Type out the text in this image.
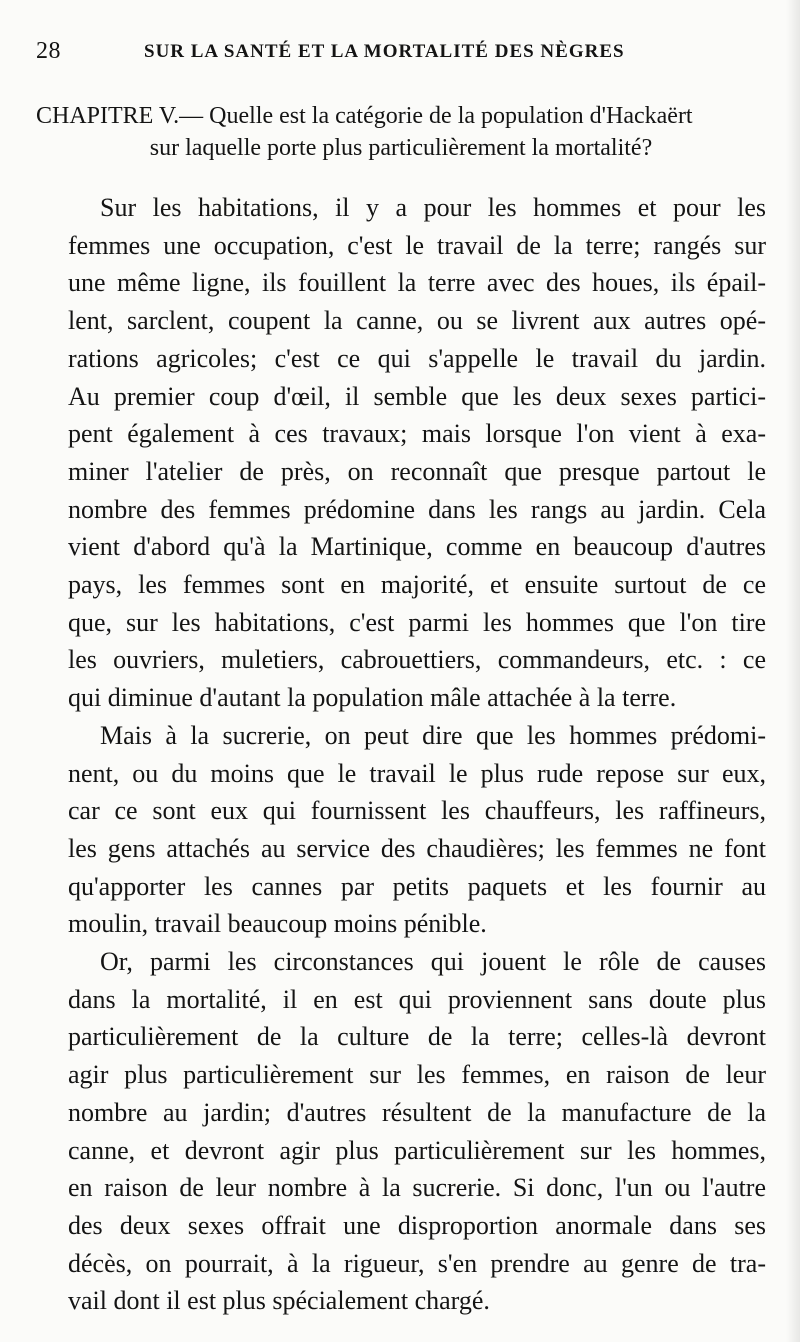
28	SUR LA SANTÉ ET LA MORTALITÉ DES NÈGRES
CHAPITRE V.— Quelle est la catégorie de la population d'Hackaërt
sur laquelle porte plus particulièrement la mortalité?
Sur les habitations, il y a pour les hommes et pour les
femmes une occupation, c'est le travail de la terre; rangés sur
une même ligne, ils fouillent la terre avec des houes, ils épail-
lent, sarclent, coupent la canne, ou se livrent aux autres opé-
rations agricoles; c'est ce qui s'appelle le travail du jardin.
Au premier coup d'œil, il semble que les deux sexes partici-
pent également à ces travaux; mais lorsque l'on vient à exa-
miner l'atelier de près, on reconnaît que presque partout le
nombre des femmes prédomine dans les rangs au jardin. Cela
vient d'abord qu'à la Martinique, comme en beaucoup d'autres
pays, les femmes sont en majorité, et ensuite surtout de ce
que, sur les habitations, c'est parmi les hommes que l'on tire
les ouvriers, muletiers, cabrouettiers, commandeurs, etc. : ce
qui diminue d'autant la population mâle attachée à la terre.
Mais à la sucrerie, on peut dire que les hommes prédomi-
nent, ou du moins que le travail le plus rude repose sur eux,
car ce sont eux qui fournissent les chauffeurs, les raffineurs,
les gens attachés au service des chaudières; les femmes ne font
qu'apporter les cannes par petits paquets et les fournir au
moulin, travail beaucoup moins pénible.
Or, parmi les circonstances qui jouent le rôle de causes
dans la mortalité, il en est qui proviennent sans doute plus
particulièrement de la culture de la terre; celles-là devront
agir plus particulièrement sur les femmes, en raison de leur
nombre au jardin; d'autres résultent de la manufacture de la
canne, et devront agir plus particulièrement sur les hommes,
en raison de leur nombre à la sucrerie. Si donc, l'un ou l'autre
des deux sexes offrait une disproportion anormale dans ses
décès, on pourrait, à la rigueur, s'en prendre au genre de tra-
vail dont il est plus spécialement chargé.
